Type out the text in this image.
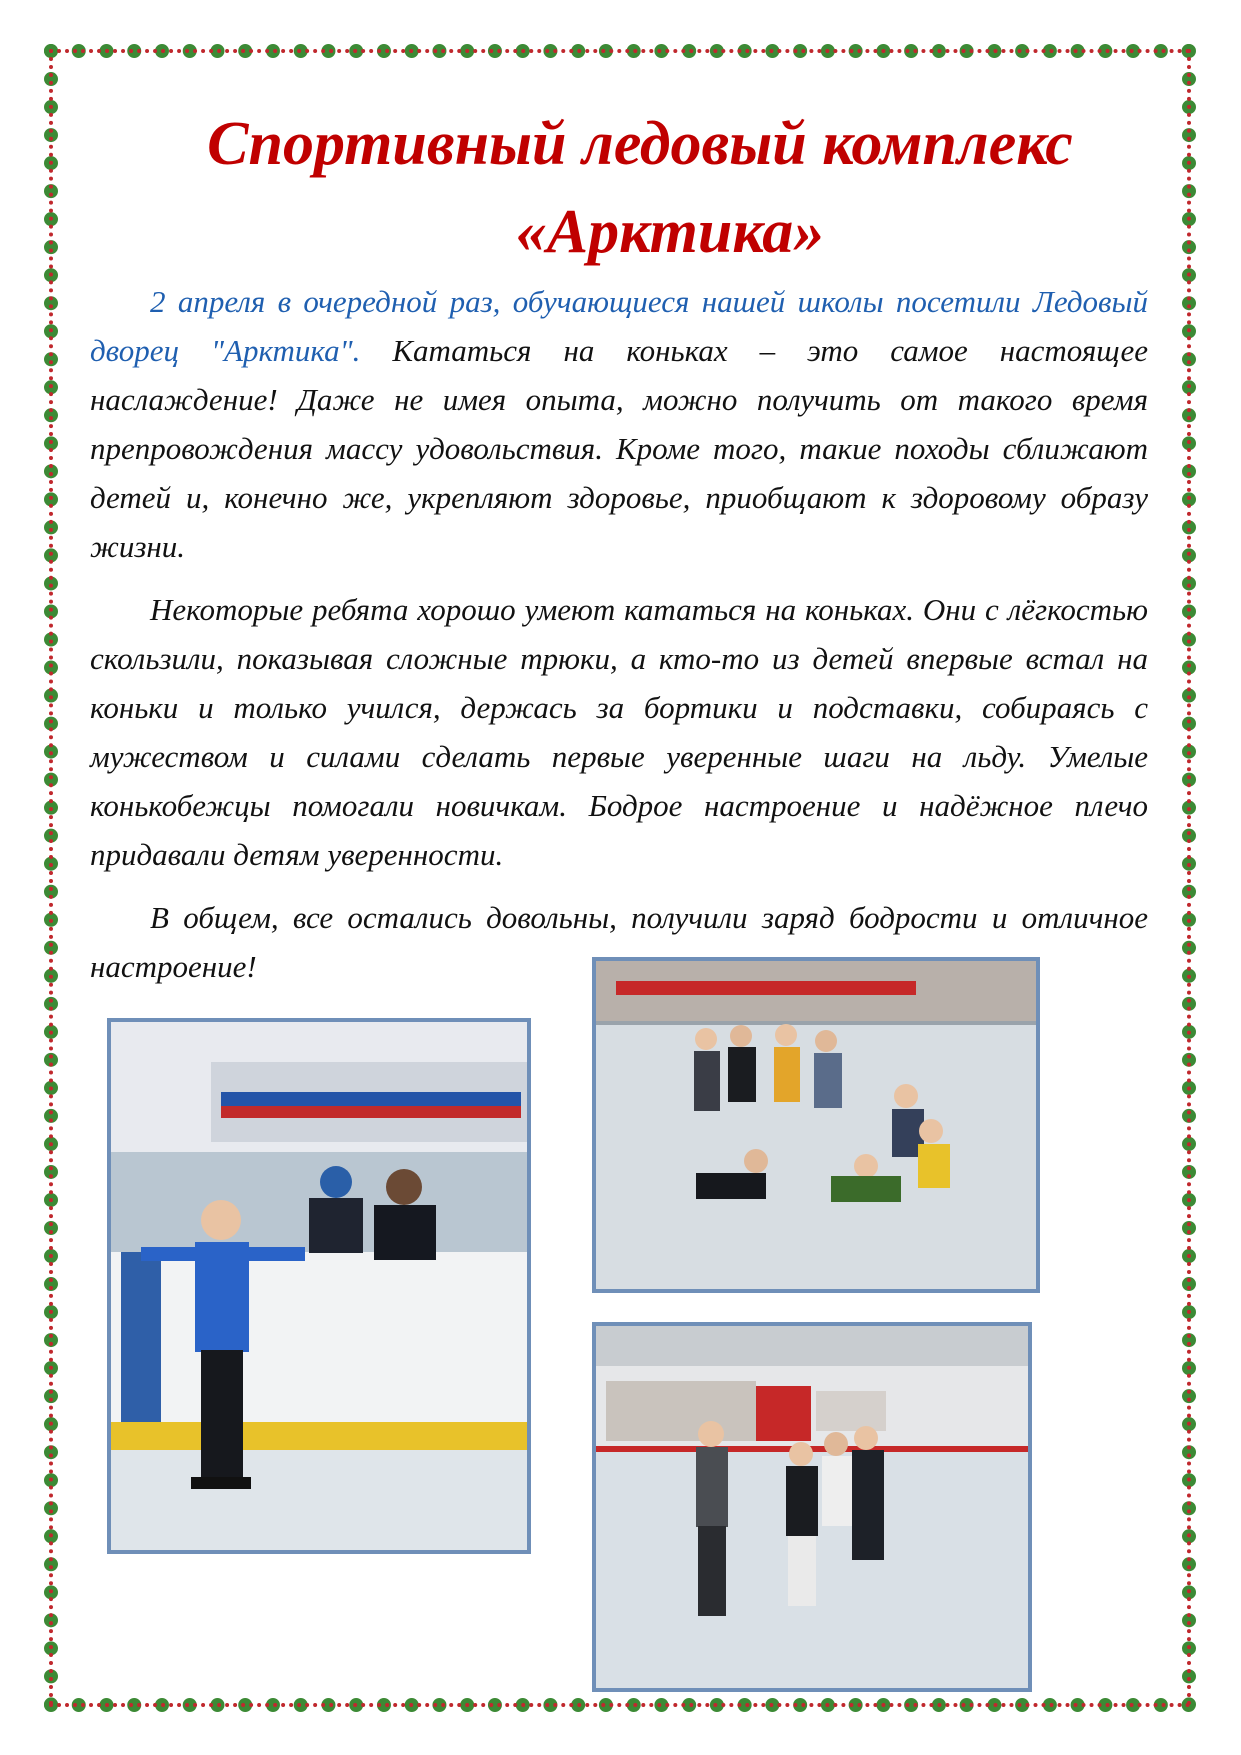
Спортивный ледовый комплекс
«Арктика»

2 апреля в очередной раз, обучающиеся нашей школы посетили Ледовый дворец "Арктика". Кататься на коньках – это самое настоящее наслаждение! Даже не имея опыта, можно получить от такого время препровождения массу удовольствия. Кроме того, такие походы сближают детей и, конечно же, укрепляют здоровье, приобщают к здоровому образу жизни.

Некоторые ребята хорошо умеют кататься на коньках. Они с лёгкостью скользили, показывая сложные трюки, а кто-то из детей впервые встал на коньки и только учился, держась за бортики и подставки, собираясь с мужеством и силами сделать первые уверенные шаги на льду. Умелые конькобежцы помогали новичкам. Бодрое настроение и надёжное плечо придавали детям уверенности.

В общем, все остались довольны, получили заряд бодрости и отличное настроение!
